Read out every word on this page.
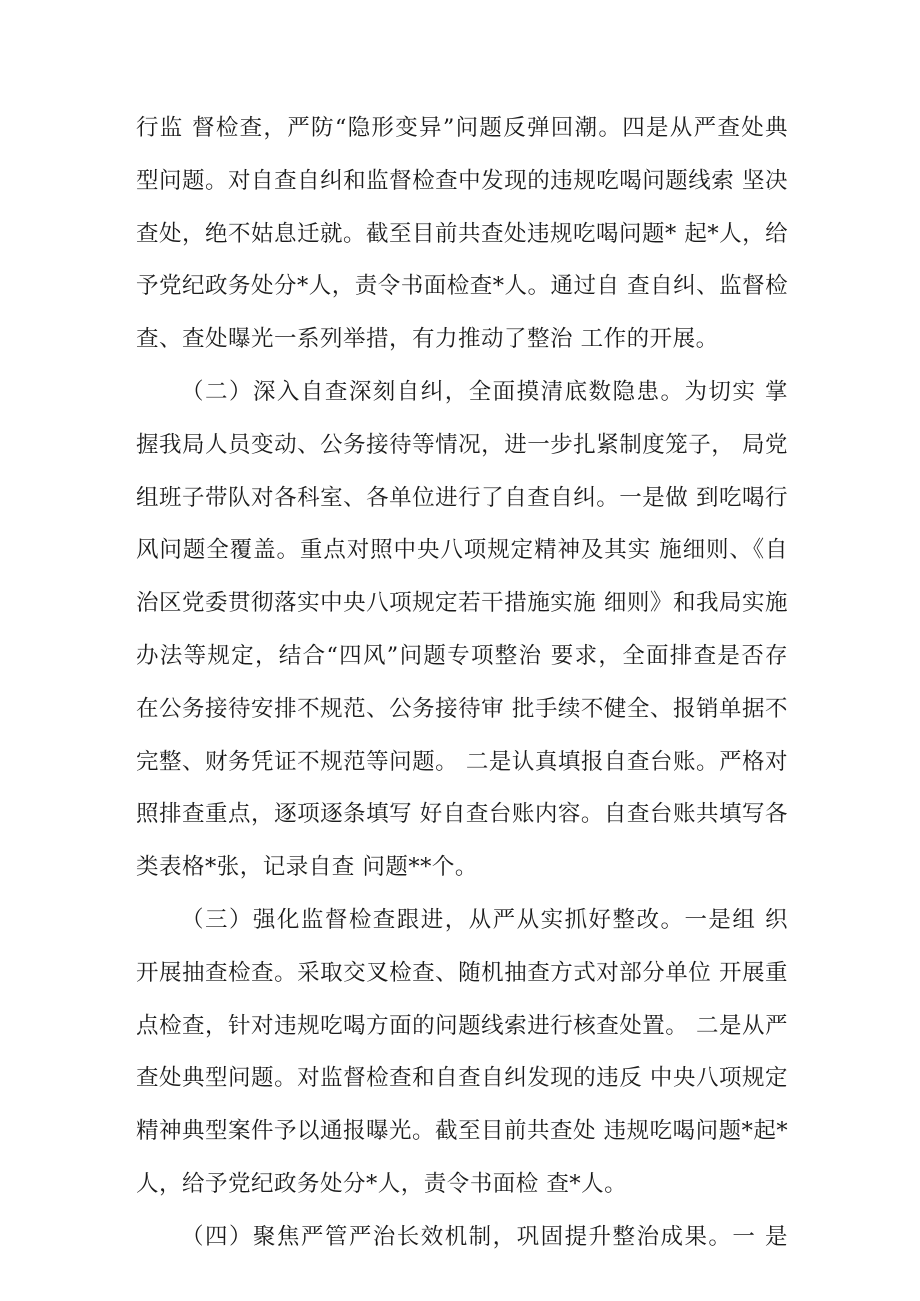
行监 督检查，严防“隐形变异”问题反弹回潮。四是从严查处典
型问题。对自查自纠和监督检查中发现的违规吃喝问题线索 坚决
查处，绝不姑息迁就。截至目前共查处违规吃喝问题* 起*人，给
予党纪政务处分*人，责令书面检查*人。通过自 查自纠、监督检
查、查处曝光一系列举措，有力推动了整治 工作的开展。
（二）深入自查深刻自纠，全面摸清底数隐患。为切实 掌
握我局人员变动、公务接待等情况，进一步扎紧制度笼子， 局党
组班子带队对各科室、各单位进行了自查自纠。一是做 到吃喝行
风问题全覆盖。重点对照中央八项规定精神及其实 施细则、《自
治区党委贯彻落实中央八项规定若干措施实施 细则》和我局实施
办法等规定，结合“四风”问题专项整治 要求，全面排查是否存
在公务接待安排不规范、公务接待审 批手续不健全、报销单据不
完整、财务凭证不规范等问题。 二是认真填报自查台账。严格对
照排查重点，逐项逐条填写 好自查台账内容。自查台账共填写各
类表格*张，记录自查 问题**个。
（三）强化监督检查跟进，从严从实抓好整改。一是组 织
开展抽查检查。采取交叉检查、随机抽查方式对部分单位 开展重
点检查，针对违规吃喝方面的问题线索进行核查处置。 二是从严
查处典型问题。对监督检查和自查自纠发现的违反 中央八项规定
精神典型案件予以通报曝光。截至目前共查处 违规吃喝问题*起*
人，给予党纪政务处分*人，责令书面检 查*人。
（四）聚焦严管严治长效机制，巩固提升整治成果。一 是
